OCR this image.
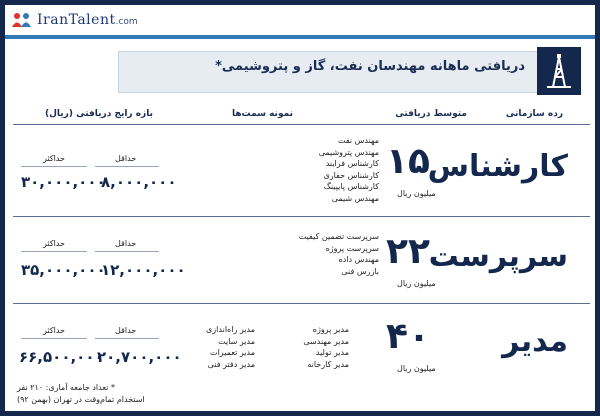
IranTalent.com
دریافتی ماهانه مهندسان نفت، گاز و پتروشیمی*
رده سازمانی
متوسط دریافتی
نمونه سمت‌ها
بازه رایج دریافتی (ریال)
کارشناس
۱۵
میلیون ریال
مهندس نفت
مهندس پتروشیمی
کارشناس فرایند
کارشناس حفاری
کارشناس پایپینگ
مهندس شیمی
حداقل
حداکثر
۸,۰۰۰,۰۰۰
۳۰,۰۰۰,۰۰۰
سرپرست
۲۲
میلیون ریال
سرپرست تضمین کیفیت
سرپرست پروژه
مهندس داده
بازرس فنی
حداقل
حداکثر
۱۲,۰۰۰,۰۰۰
۳۵,۰۰۰,۰۰۰
مدیر
۴۰
میلیون ریال
مدیر پروژه
مدیر مهندسی
مدیر تولید
مدیر کارخانه
مدیر راه‌اندازی
مدیر سایت
مدیر تعمیرات
مدیر دفتر فنی
حداقل
حداکثر
۲۰,۷۰۰,۰۰۰
۶۶,۵۰۰,۰۰۰
* تعداد جامعه آماری: ۲۱۰ نفر
استخدام تمام‌وقت در تهران (بهمن ۹۲)
